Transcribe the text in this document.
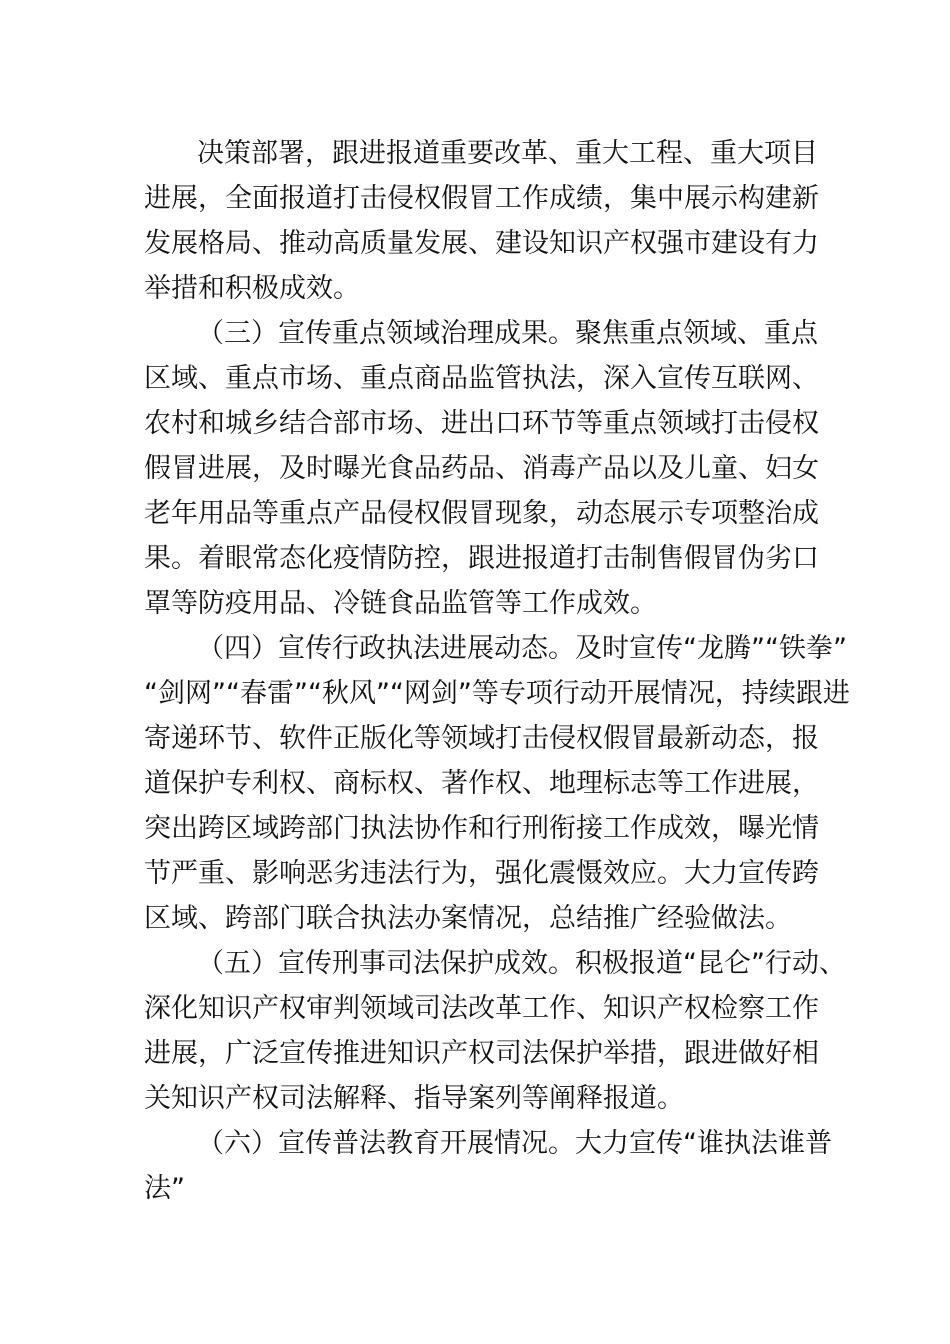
决策部署，跟进报道重要改革、重大工程、重大项目
进展，全面报道打击侵权假冒工作成绩，集中展示构建新
发展格局、推动高质量发展、建设知识产权强市建设有力
举措和积极成效。
（三）宣传重点领域治理成果。聚焦重点领域、重点
区域、重点市场、重点商品监管执法，深入宣传互联网、
农村和城乡结合部市场、进出口环节等重点领域打击侵权
假冒进展，及时曝光食品药品、消毒产品以及儿童、妇女
老年用品等重点产品侵权假冒现象，动态展示专项整治成
果。着眼常态化疫情防控，跟进报道打击制售假冒伪劣口
罩等防疫用品、冷链食品监管等工作成效。
（四）宣传行政执法进展动态。及时宣传“龙腾”“铁拳”
“剑网”“春雷”“秋风”“网剑”等专项行动开展情况，持续跟进
寄递环节、软件正版化等领域打击侵权假冒最新动态，报
道保护专利权、商标权、著作权、地理标志等工作进展，
突出跨区域跨部门执法协作和行刑衔接工作成效，曝光情
节严重、影响恶劣违法行为，强化震慑效应。大力宣传跨
区域、跨部门联合执法办案情况，总结推广经验做法。
（五）宣传刑事司法保护成效。积极报道“昆仑”行动、
深化知识产权审判领域司法改革工作、知识产权检察工作
进展，广泛宣传推进知识产权司法保护举措，跟进做好相
关知识产权司法解释、指导案列等阐释报道。
（六）宣传普法教育开展情况。大力宣传“谁执法谁普
法”
